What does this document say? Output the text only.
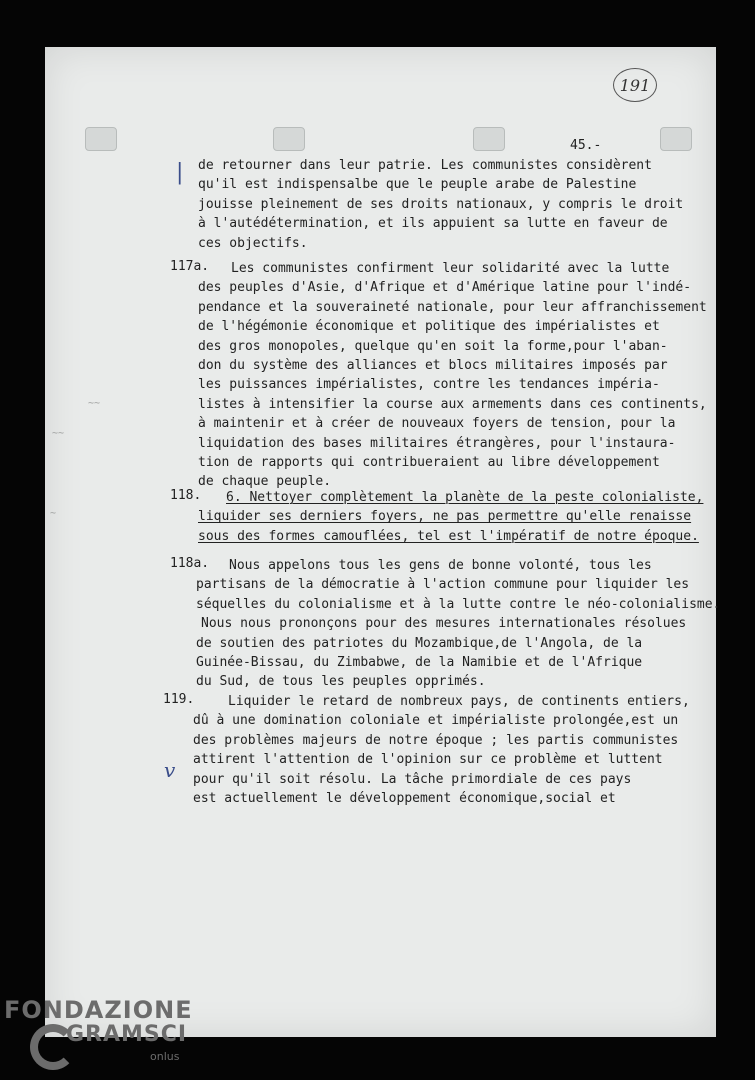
191
45.-
|
v
~~
~~
~
de retourner dans leur patrie. Les communistes considèrent
qu'il est indispensalbe que le peuple arabe de Palestine
jouisse pleinement de ses droits nationaux, y compris le droit
à l'autédétermination, et ils appuient sa lutte en faveur de
ces objectifs.
117a.	Les communistes confirment leur solidarité avec la lutte
des peuples d'Asie, d'Afrique et d'Amérique latine pour l'indé-
pendance et la souveraineté nationale, pour leur affranchissement
de l'hégémonie économique et politique des impérialistes et
des gros monopoles, quelque qu'en soit la forme,pour l'aban-
don du système des alliances et blocs militaires imposés par
les puissances impérialistes, contre les tendances impéria-
listes à intensifier la course aux armements dans ces continents,
à maintenir et à créer de nouveaux foyers de tension, pour la
liquidation des bases militaires étrangères, pour l'instaura-
tion de rapports qui contribueraient au libre développement
de chaque peuple.
118.	6. Nettoyer complètement la planète de la peste colonialiste,
liquider ses derniers foyers, ne pas permettre qu'elle renaisse
sous des formes camouflées, tel est l'impératif de notre époque.
118a.	Nous appelons tous les gens de bonne volonté, tous les
partisans de la démocratie à l'action commune pour liquider les
séquelles du colonialisme et à la lutte contre le néo-colonialisme.
Nous nous prononçons pour des mesures internationales résolues
de soutien des patriotes du Mozambique,de l'Angola, de la
Guinée-Bissau, du Zimbabwe, de la Namibie et de l'Afrique
du Sud, de tous les peuples opprimés.
119.	Liquider le retard de nombreux pays, de continents entiers,
dû à une domination coloniale et impérialiste prolongée,est un
des problèmes majeurs de notre époque ; les partis communistes
attirent l'attention de l'opinion sur ce problème et luttent
pour qu'il soit résolu. La tâche primordiale de ces pays
est actuellement le développement économique,social et
FONDAZIONE
GRAMSCI
onlus
